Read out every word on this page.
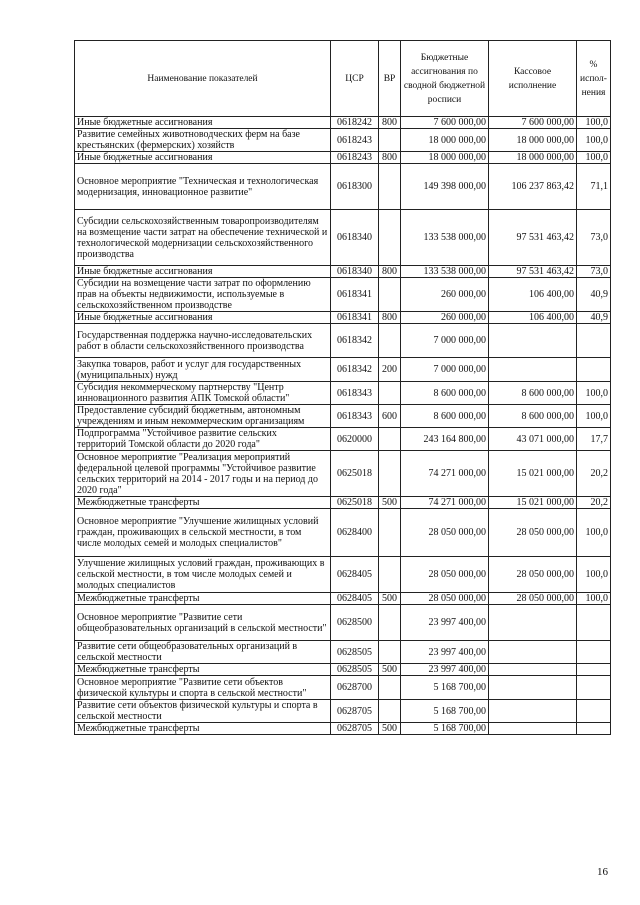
Наименование показателей	ЦСР	ВР	Бюджетные ассигнования по сводной бюджетной росписи	Кассовое исполнение	% испол-нения
Иные бюджетные ассигнования	0618242	800	7 600 000,00	7 600 000,00	100,0
Развитие семейных животноводческих ферм на базе крестьянских (фермерских) хозяйств	0618243		18 000 000,00	18 000 000,00	100,0
Иные бюджетные ассигнования	0618243	800	18 000 000,00	18 000 000,00	100,0
Основное мероприятие "Техническая и технологическая модернизация, инновационное развитие"	0618300		149 398 000,00	106 237 863,42	71,1
Субсидии сельскохозяйственным товаропроизводителям на возмещение части затрат на обеспечение технической и технологической модернизации сельскохозяйственного производства	0618340		133 538 000,00	97 531 463,42	73,0
Иные бюджетные ассигнования	0618340	800	133 538 000,00	97 531 463,42	73,0
Субсидии на возмещение части затрат по оформлению прав на объекты недвижимости, используемые в сельскохозяйственном производстве	0618341		260 000,00	106 400,00	40,9
Иные бюджетные ассигнования	0618341	800	260 000,00	106 400,00	40,9
Государственная поддержка научно-исследовательских работ в области сельскохозяйственного производства	0618342		7 000 000,00		
Закупка товаров, работ и услуг для государственных (муниципальных) нужд	0618342	200	7 000 000,00		
Субсидия некоммерческому партнерству "Центр инновационного развития АПК Томской области"	0618343		8 600 000,00	8 600 000,00	100,0
Предоставление субсидий бюджетным, автономным учреждениям и иным некоммерческим организациям	0618343	600	8 600 000,00	8 600 000,00	100,0
Подпрограмма "Устойчивое развитие сельских территорий Томской области до 2020 года"	0620000		243 164 800,00	43 071 000,00	17,7
Основное мероприятие "Реализация мероприятий федеральной целевой программы "Устойчивое развитие сельских территорий на 2014 - 2017 годы и на период до 2020 года"	0625018		74 271 000,00	15 021 000,00	20,2
Межбюджетные трансферты	0625018	500	74 271 000,00	15 021 000,00	20,2
Основное мероприятие "Улучшение жилищных условий граждан, проживающих в сельской местности, в том числе молодых семей и молодых специалистов"	0628400		28 050 000,00	28 050 000,00	100,0
Улучшение жилищных условий граждан, проживающих в сельской местности, в том числе молодых семей и молодых специалистов	0628405		28 050 000,00	28 050 000,00	100,0
Межбюджетные трансферты	0628405	500	28 050 000,00	28 050 000,00	100,0
Основное мероприятие "Развитие сети общеобразовательных организаций в сельской местности"	0628500		23 997 400,00		
Развитие сети общеобразовательных организаций в сельской местности	0628505		23 997 400,00		
Межбюджетные трансферты	0628505	500	23 997 400,00		
Основное мероприятие "Развитие сети объектов физической культуры и спорта в сельской местности"	0628700		5 168 700,00		
Развитие сети объектов физической культуры и спорта в сельской местности	0628705		5 168 700,00		
Межбюджетные трансферты	0628705	500	5 168 700,00		
16
